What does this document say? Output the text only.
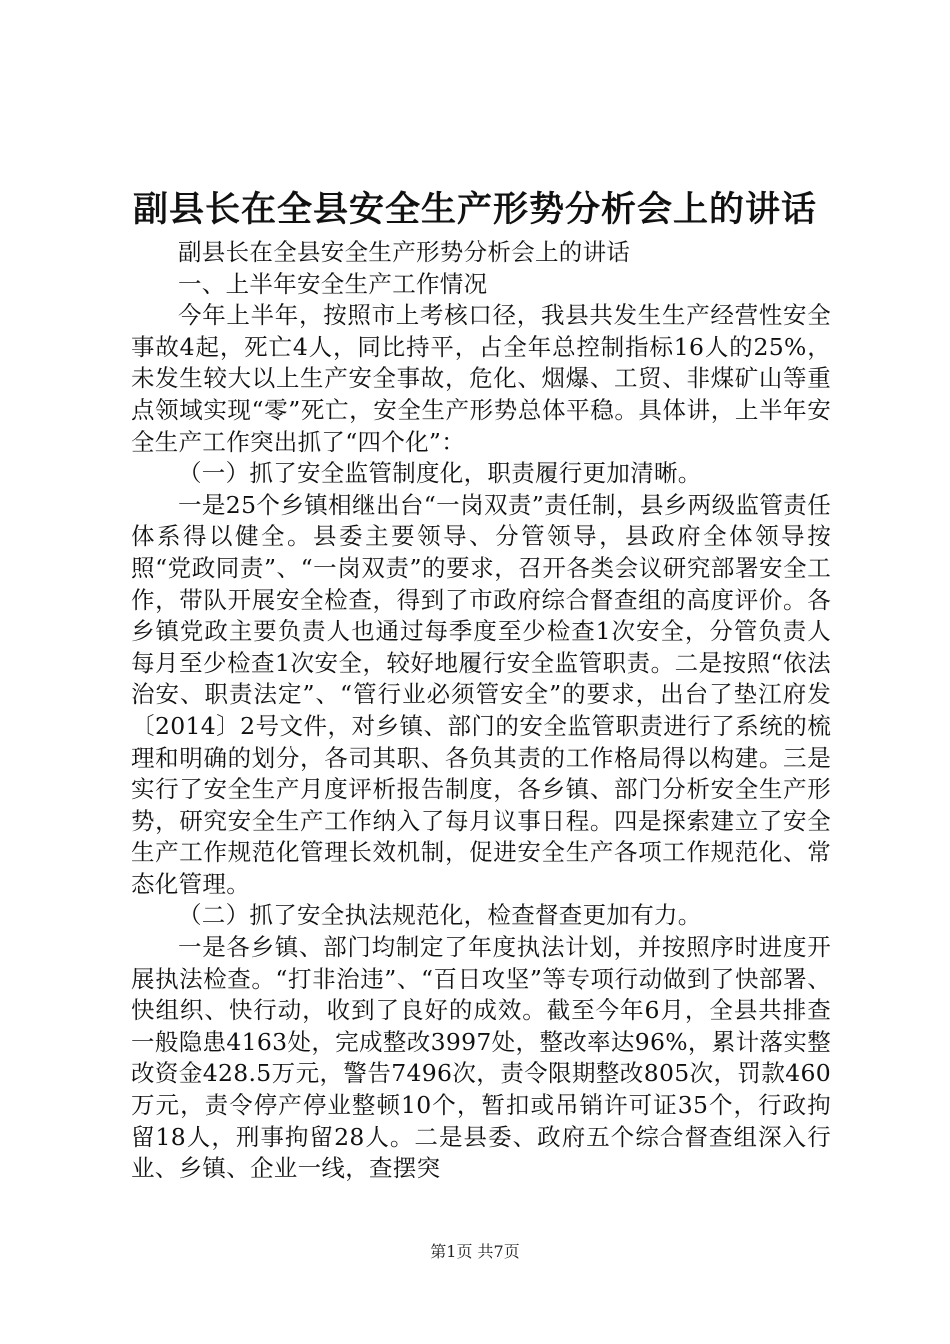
副县长在全县安全生产形势分析会上的讲话

副县长在全县安全生产形势分析会上的讲话

一、上半年安全生产工作情况

今年上半年，按照市上考核口径，我县共发生生产经营性安全事故4起，死亡4人，同比持平，占全年总控制指标16人的25%，未发生较大以上生产安全事故，危化、烟爆、工贸、非煤矿山等重点领域实现“零”死亡，安全生产形势总体平稳。具体讲，上半年安全生产工作突出抓了“四个化”：

（一）抓了安全监管制度化，职责履行更加清晰。

一是25个乡镇相继出台“一岗双责”责任制，县乡两级监管责任体系得以健全。县委主要领导、分管领导，县政府全体领导按照“党政同责”、“一岗双责”的要求，召开各类会议研究部署安全工作，带队开展安全检查，得到了市政府综合督查组的高度评价。各乡镇党政主要负责人也通过每季度至少检查1次安全，分管负责人每月至少检查1次安全，较好地履行安全监管职责。二是按照“依法治安、职责法定”、“管行业必须管安全”的要求，出台了垫江府发〔2014〕2号文件，对乡镇、部门的安全监管职责进行了系统的梳理和明确的划分，各司其职、各负其责的工作格局得以构建。三是实行了安全生产月度评析报告制度，各乡镇、部门分析安全生产形势，研究安全生产工作纳入了每月议事日程。四是探索建立了安全生产工作规范化管理长效机制，促进安全生产各项工作规范化、常态化管理。

（二）抓了安全执法规范化，检查督查更加有力。

一是各乡镇、部门均制定了年度执法计划，并按照序时进度开展执法检查。“打非治违”、“百日攻坚”等专项行动做到了快部署、快组织、快行动，收到了良好的成效。截至今年6月，全县共排查一般隐患4163处，完成整改3997处，整改率达96%，累计落实整改资金428.5万元，警告7496次，责令限期整改805次，罚款460万元，责令停产停业整顿10个，暂扣或吊销许可证35个，行政拘留18人，刑事拘留28人。二是县委、政府五个综合督查组深入行业、乡镇、企业一线，查摆突

第1页 共7页
